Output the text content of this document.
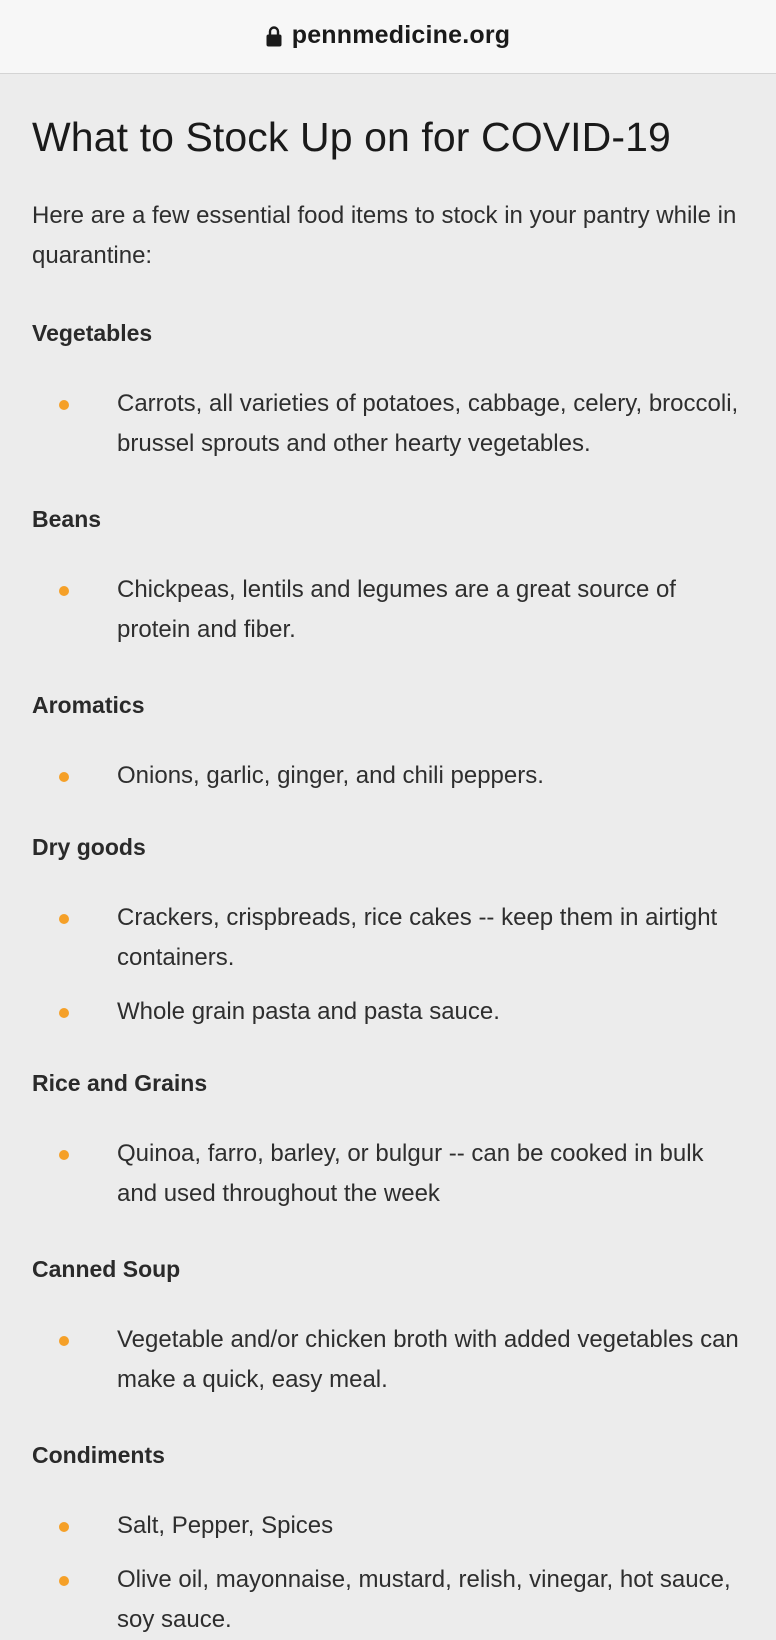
pennmedicine.org
What to Stock Up on for COVID-19

Here are a few essential food items to stock in your pantry while in quarantine:

Vegetables
Carrots, all varieties of potatoes, cabbage, celery, broccoli, brussel sprouts and other hearty vegetables.
Beans
Chickpeas, lentils and legumes are a great source of protein and fiber.
Aromatics
Onions, garlic, ginger, and chili peppers.
Dry goods
Crackers, crispbreads, rice cakes -- keep them in airtight containers.
Whole grain pasta and pasta sauce.
Rice and Grains
Quinoa, farro, barley, or bulgur -- can be cooked in bulk and used throughout the week
Canned Soup
Vegetable and/or chicken broth with added vegetables can make a quick, easy meal.
Condiments
Salt, Pepper, Spices
Olive oil, mayonnaise, mustard, relish, vinegar, hot sauce, soy sauce.
